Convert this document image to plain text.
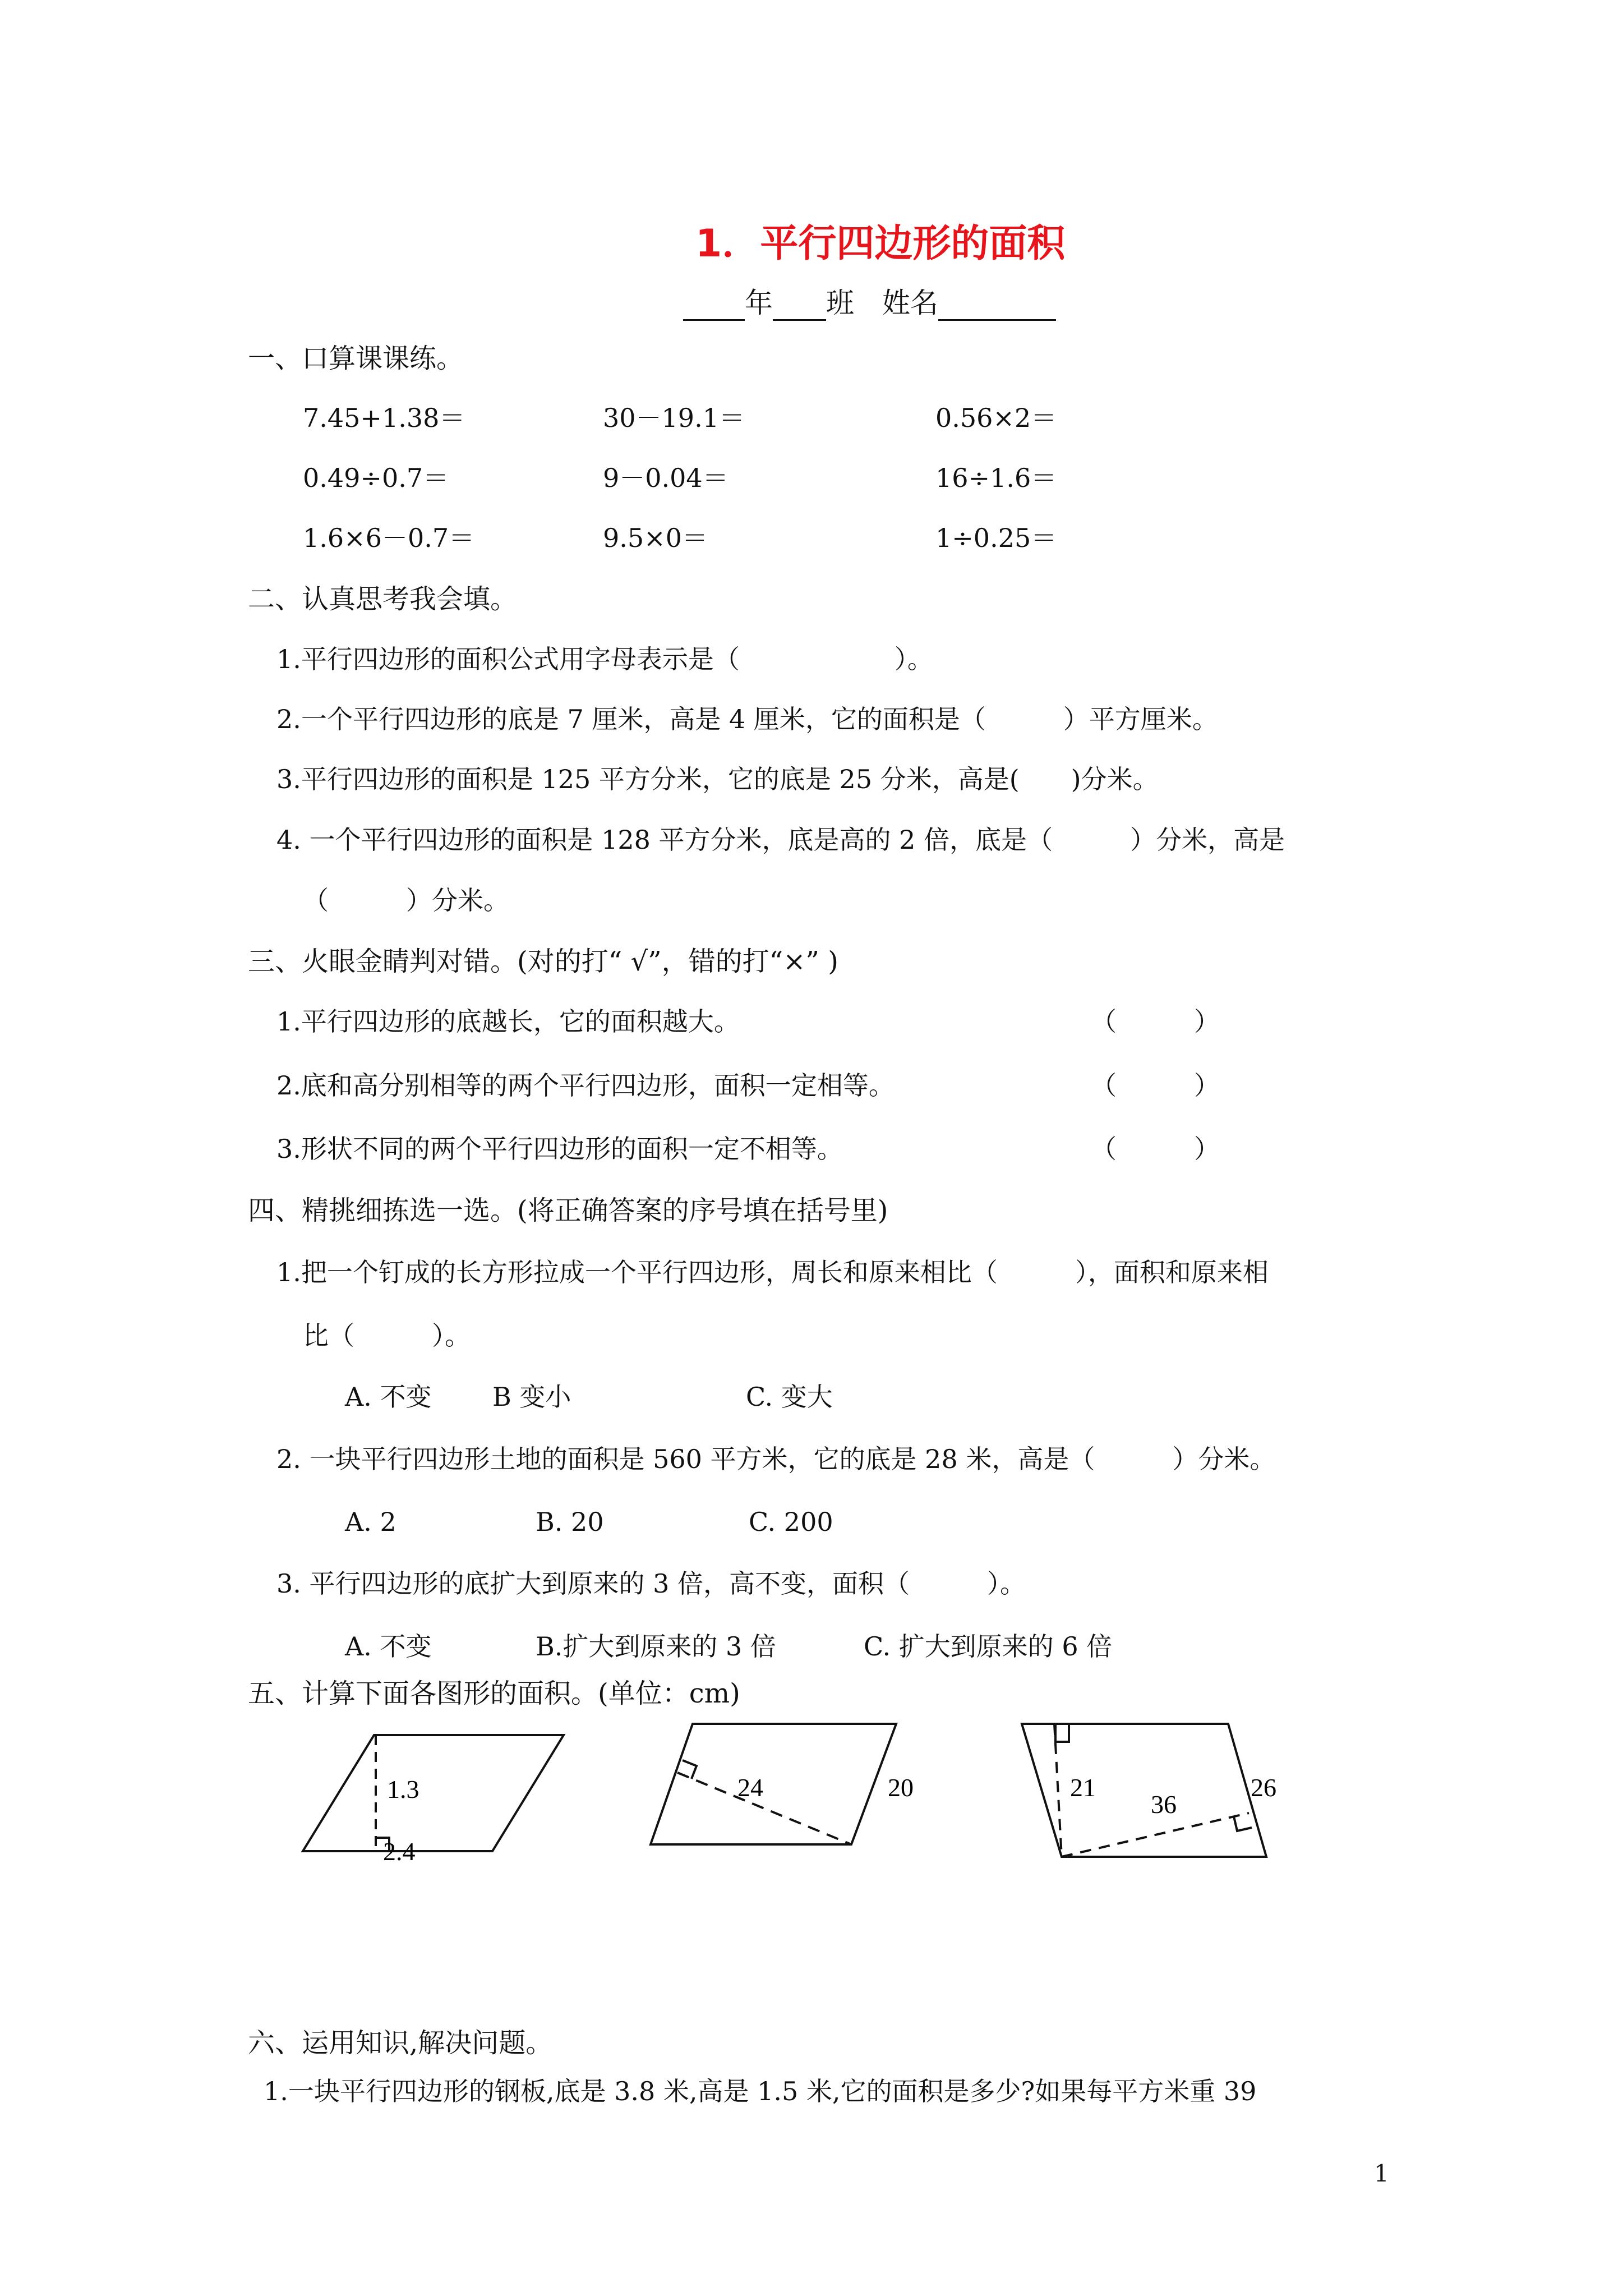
1．平行四边形的面积
年 班 姓名
一、口算课课练。
7.45+1.38＝	30－19.1＝	0.56×2＝
0.49÷0.7＝	9－0.04＝	16÷1.6＝
1.6×6－0.7＝	9.5×0＝	1÷0.25＝
二、认真思考我会填。
1.平行四边形的面积公式用字母表示是（　　　　　　）。
2.一个平行四边形的底是 7 厘米，高是 4 厘米，它的面积是（　　　）平方厘米。
3.平行四边形的面积是 125 平方分米，它的底是 25 分米，高是(　　)分米。
4. 一个平行四边形的面积是 128 平方分米，底是高的 2 倍，底是（　　　）分米，高是
（　　　）分米。
三、火眼金睛判对错。(对的打“ √”，错的打“×” )
1.平行四边形的底越长，它的面积越大。	（　　　）
2.底和高分别相等的两个平行四边形，面积一定相等。	（　　　）
3.形状不同的两个平行四边形的面积一定不相等。	（　　　）
四、精挑细拣选一选。(将正确答案的序号填在括号里)
1.把一个钉成的长方形拉成一个平行四边形，周长和原来相比（　　　），面积和原来相
比（　　　）。
A. 不变 B 变小	C. 变大
2. 一块平行四边形土地的面积是 560 平方米，它的底是 28 米，高是（　　　）分米。
A. 2	B. 20	C. 200
3. 平行四边形的底扩大到原来的 3 倍，高不变，面积（　　　）。
A. 不变	B.扩大到原来的 3 倍	C. 扩大到原来的 6 倍
五、计算下面各图形的面积。(单位：cm)
1.3
2.4
24	20	21
36
26
六、运用知识,解决问题。
1.一块平行四边形的钢板,底是 3.8 米,高是 1.5 米,它的面积是多少?如果每平方米重 39
1
